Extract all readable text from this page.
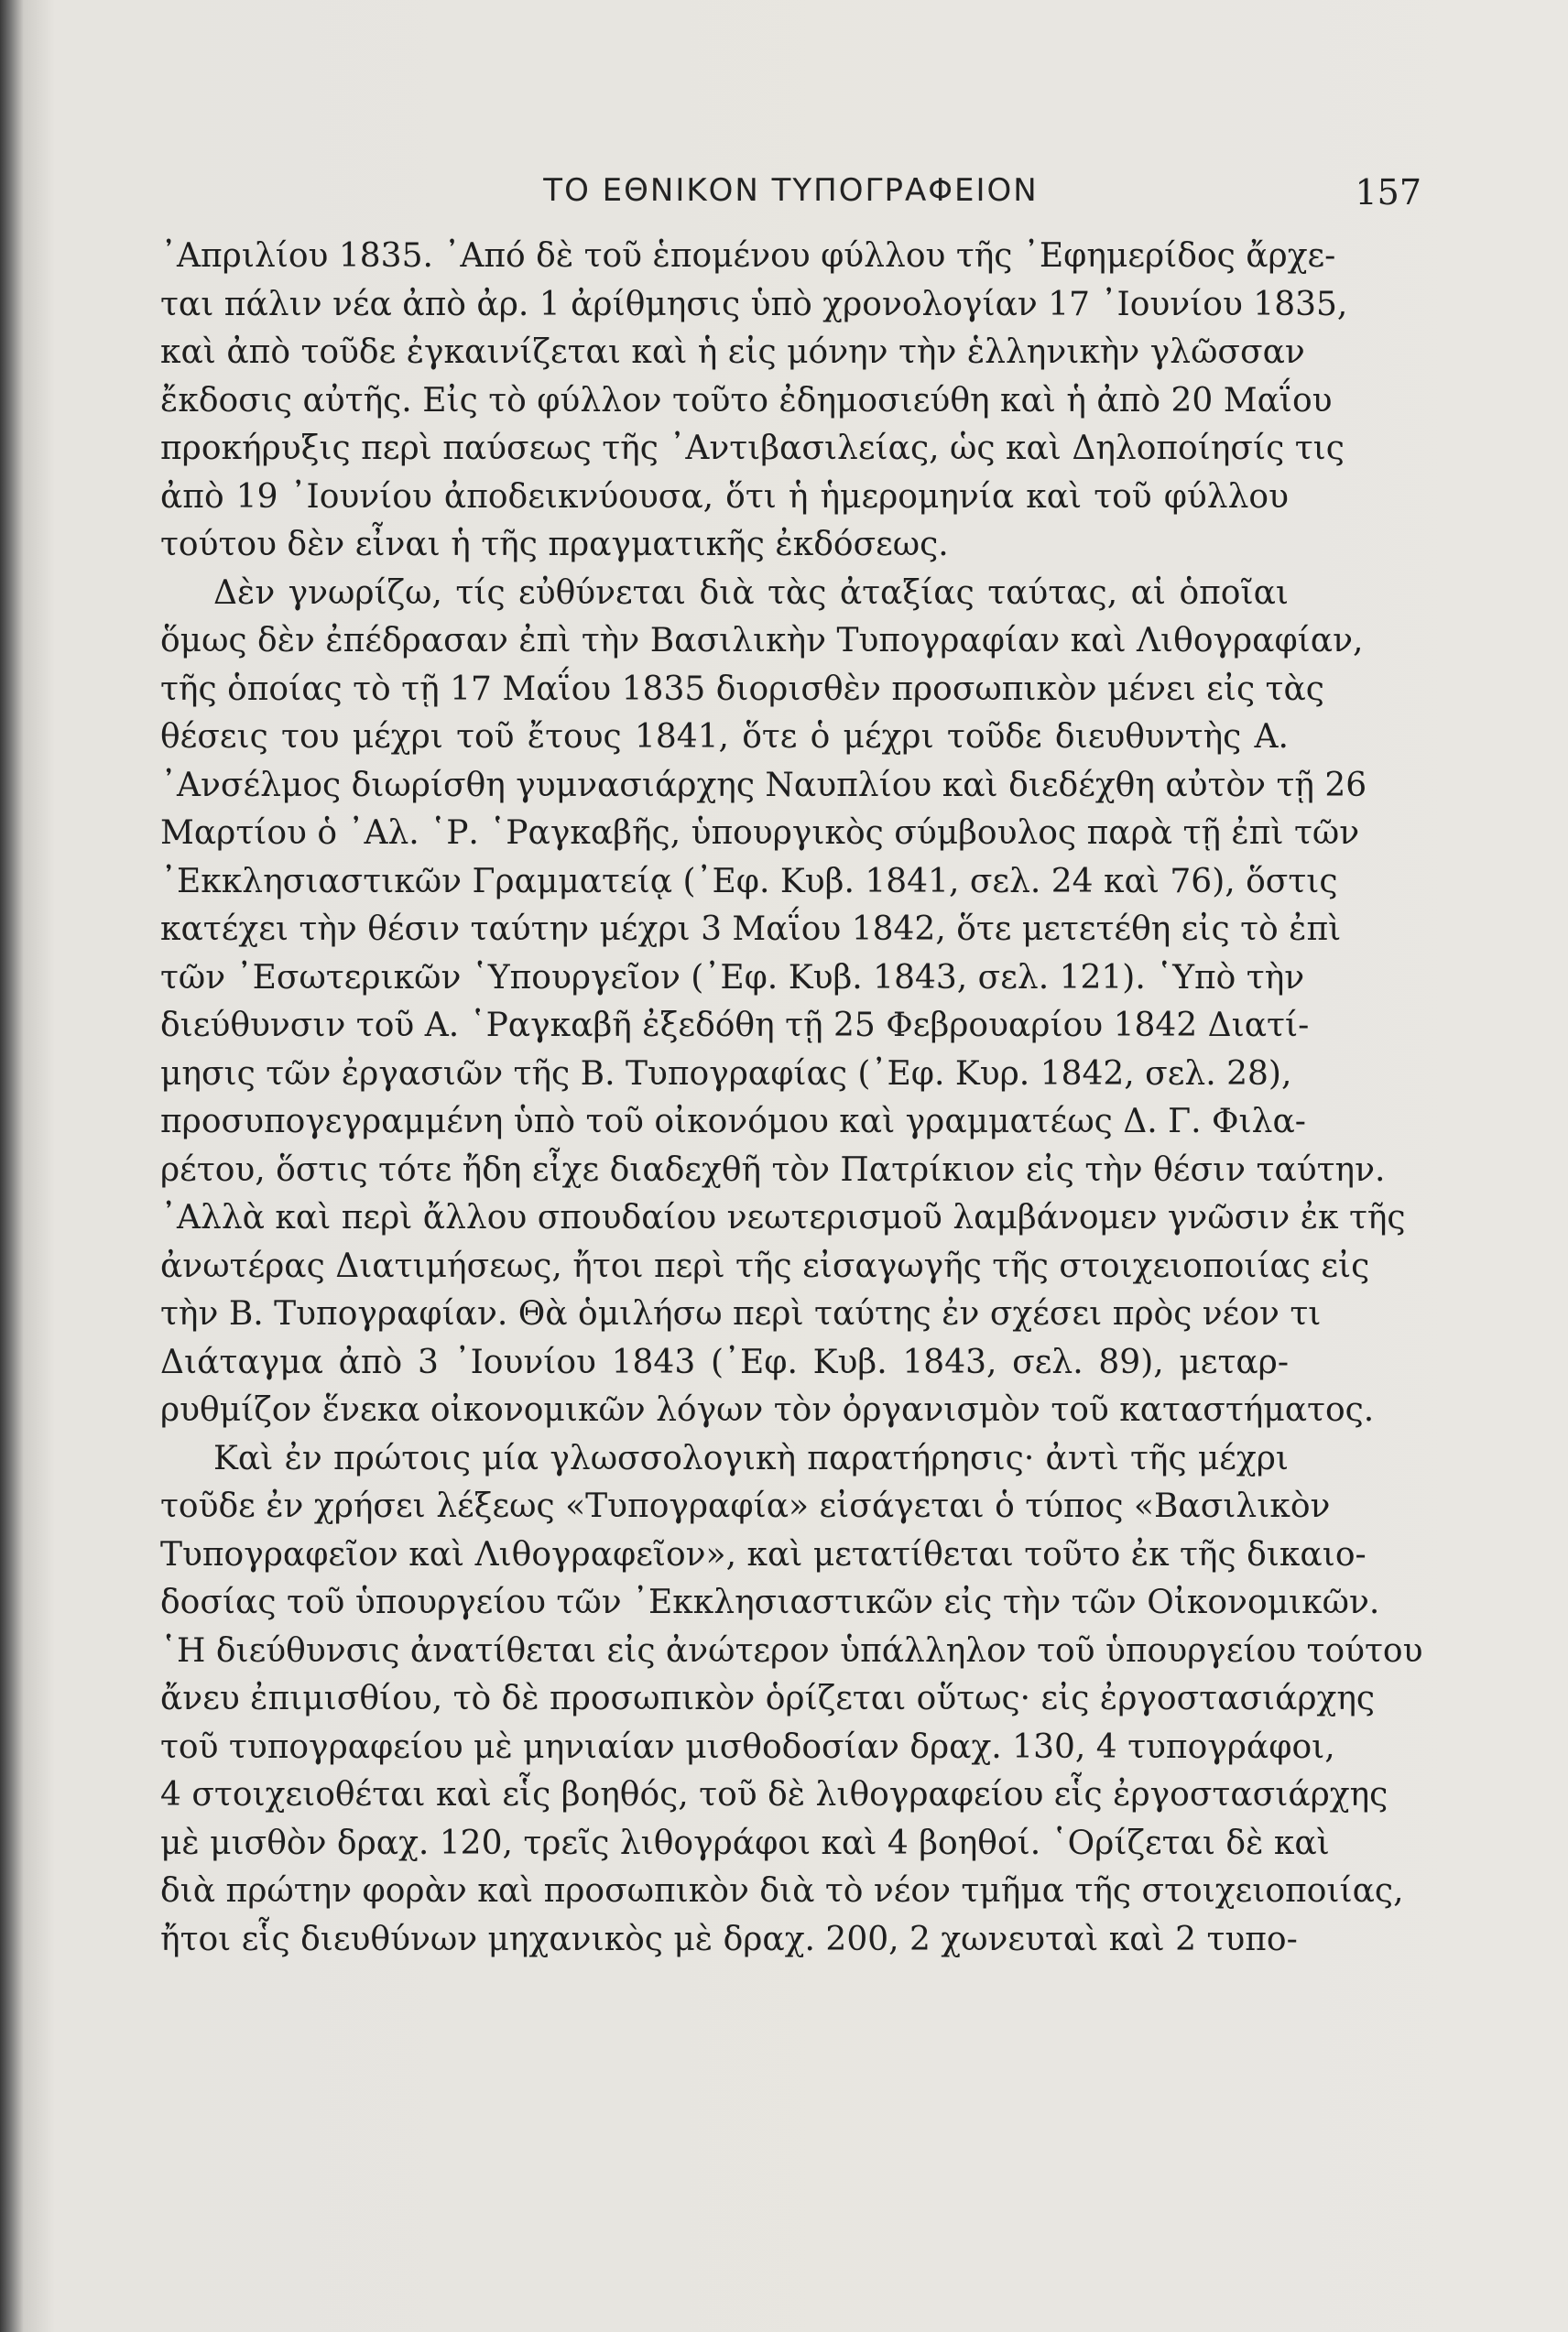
ΤΟ ΕΘΝΙΚΟΝ ΤΥΠΟΓΡΑΦΕΙΟΝ	157
᾿Απριλίου 1835. ᾿Από δὲ τοῦ ἑπομένου φύλλου τῆς ᾿Εφημερίδος ἄρχε-
ται πάλιν νέα ἀπὸ ἀρ. 1 ἀρίθμησις ὑπὸ χρονολογίαν 17 ᾿Ιουνίου 1835,
καὶ ἀπὸ τοῦδε ἐγκαινίζεται καὶ ἡ εἰς μόνην τὴν ἑλληνικὴν γλῶσσαν
ἔκδοσις αὐτῆς. Εἰς τὸ φύλλον τοῦτο ἐδημοσιεύθη καὶ ἡ ἀπὸ 20 Μαΐου
προκήρυξις περὶ παύσεως τῆς ᾿Αντιβασιλείας, ὡς καὶ Δηλοποίησίς τις
ἀπὸ 19 ᾿Ιουνίου ἀποδεικνύουσα, ὅτι ἡ ἡμερομηνία καὶ τοῦ φύλλου
τούτου δὲν εἶναι ἡ τῆς πραγματικῆς ἐκδόσεως.
Δὲν γνωρίζω, τίς εὐθύνεται διὰ τὰς ἀταξίας ταύτας, αἱ ὁποῖαι
ὅμως δὲν ἐπέδρασαν ἐπὶ τὴν Βασιλικὴν Τυπογραφίαν καὶ Λιθογραφίαν,
τῆς ὁποίας τὸ τῇ 17 Μαΐου 1835 διορισθὲν προσωπικὸν μένει εἰς τὰς
θέσεις του μέχρι τοῦ ἔτους 1841, ὅτε ὁ μέχρι τοῦδε διευθυντὴς Α.
᾿Ανσέλμος διωρίσθη γυμνασιάρχης Ναυπλίου καὶ διεδέχθη αὐτὸν τῇ 26
Μαρτίου ὁ ᾿Αλ. ῾Ρ. ῾Ραγκαβῆς, ὑπουργικὸς σύμβουλος παρὰ τῇ ἐπὶ τῶν
᾿Εκκλησιαστικῶν Γραμματείᾳ (᾿Εφ. Κυβ. 1841, σελ. 24 καὶ 76), ὅστις
κατέχει τὴν θέσιν ταύτην μέχρι 3 Μαΐου 1842, ὅτε μετετέθη εἰς τὸ ἐπὶ
τῶν ᾿Εσωτερικῶν ῾Υπουργεῖον (᾿Εφ. Κυβ. 1843, σελ. 121). ῾Υπὸ τὴν
διεύθυνσιν τοῦ Α. ῾Ραγκαβῆ ἐξεδόθη τῇ 25 Φεβρουαρίου 1842 Διατί-
μησις τῶν ἐργασιῶν τῆς Β. Τυπογραφίας (᾿Εφ. Κυρ. 1842, σελ. 28),
προσυπογεγραμμένη ὑπὸ τοῦ οἰκονόμου καὶ γραμματέως Δ. Γ. Φιλα-
ρέτου, ὅστις τότε ἤδη εἶχε διαδεχθῆ τὸν Πατρίκιον εἰς τὴν θέσιν ταύτην.
᾿Αλλὰ καὶ περὶ ἄλλου σπουδαίου νεωτερισμοῦ λαμβάνομεν γνῶσιν ἐκ τῆς
ἀνωτέρας Διατιμήσεως, ἤτοι περὶ τῆς εἰσαγωγῆς τῆς στοιχειοποιίας εἰς
τὴν Β. Τυπογραφίαν. Θὰ ὁμιλήσω περὶ ταύτης ἐν σχέσει πρὸς νέον τι
Διάταγμα ἀπὸ 3 ᾿Ιουνίου 1843 (᾿Εφ. Κυβ. 1843, σελ. 89), μεταρ-
ρυθμίζον ἕνεκα οἰκονομικῶν λόγων τὸν ὀργανισμὸν τοῦ καταστήματος.
Καὶ ἐν πρώτοις μία γλωσσολογικὴ παρατήρησις· ἀντὶ τῆς μέχρι
τοῦδε ἐν χρήσει λέξεως «Τυπογραφία» εἰσάγεται ὁ τύπος «Βασιλικὸν
Τυπογραφεῖον καὶ Λιθογραφεῖον», καὶ μετατίθεται τοῦτο ἐκ τῆς δικαιο-
δοσίας τοῦ ὑπουργείου τῶν ᾿Εκκλησιαστικῶν εἰς τὴν τῶν Οἰκονομικῶν.
῾Η διεύθυνσις ἀνατίθεται εἰς ἀνώτερον ὑπάλληλον τοῦ ὑπουργείου τούτου
ἄνευ ἐπιμισθίου, τὸ δὲ προσωπικὸν ὁρίζεται οὕτως· εἰς ἐργοστασιάρχης
τοῦ τυπογραφείου μὲ μηνιαίαν μισθοδοσίαν δραχ. 130, 4 τυπογράφοι,
4 στοιχειοθέται καὶ εἷς βοηθός, τοῦ δὲ λιθογραφείου εἷς ἐργοστασιάρχης
μὲ μισθὸν δραχ. 120, τρεῖς λιθογράφοι καὶ 4 βοηθοί. ῾Ορίζεται δὲ καὶ
διὰ πρώτην φορὰν καὶ προσωπικὸν διὰ τὸ νέον τμῆμα τῆς στοιχειοποιίας,
ἤτοι εἷς διευθύνων μηχανικὸς μὲ δραχ. 200, 2 χωνευταὶ καὶ 2 τυπο-
